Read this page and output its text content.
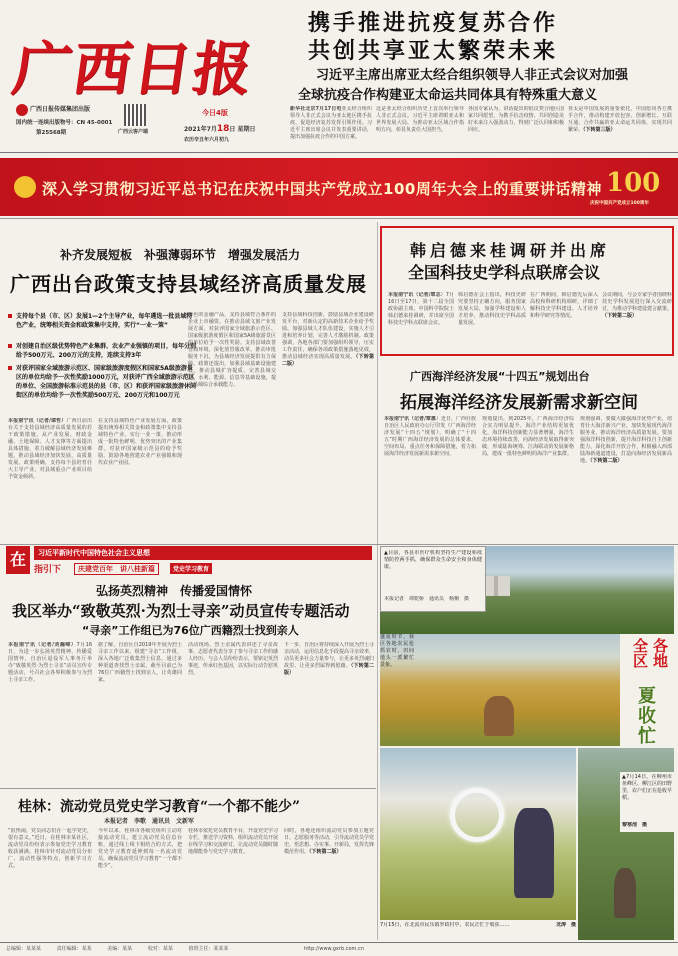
广西日报
广西日报传媒集团出版
国内统一连续出版物号：CN 45-0001
第25568期	广西云客户端
今日4版
2021年7月18日 星期日
农历辛丑年六月初九
携手推进抗疫复苏合作
共创共享亚太繁荣未来
习近平主席出席亚太经合组织领导人非正式会议对加强
全球抗疫合作构建亚太命运共同体具有特殊重大意义
新华社北京7月17日电亚太经合组织领导人非正式会议为亚太地区携手抗疫、促进经济复苏发挥引领作用。习近平主席出席会议并发表重要讲话，提出加强抗疫合作的中国方案。
这是亚太经合组织历史上首次举行领导人非正式会议。习近平主席着眼亚太和世界发展大局，为推动亚太区域合作指明方向，彰显负责任大国担当。
各国专家认为，讲话提出的倡议契合地区国家共同愿望，为携手抗击疫情、共同创造美好未来注入强劲动力，得到广泛认同和积极回应。
亚太是中国发展的重要依托，中国愿同各方携手合作，推动构建开放包容、创新增长、互联互通、合作共赢的亚太命运共同体，实现共同繁荣。（下转第三版）
深入学习贯彻习近平总书记在庆祝中国共产党成立100周年大会上的重要讲话精神 100
庆祝中国共产党成立100周年
补齐发展短板　补强薄弱环节　增强发展活力
广西出台政策支持县域经济高质量发展
支持每个县（市、区）发展1—2个主导产业，每年遴选一批县域特色产业，统筹相关资金和政策集中支持，实行“一业一策”
对创建自治区级优势特色产业集群、农业产业强镇的项目，每年分别给予500万元、200万元的支持，连续支持3年
对获评国家全域旅游示范区、国家级旅游度假区和国家5A级旅游景区的单位均给予一次性奖励1000万元，对获评广西全域旅游示范区的单位、全国旅游标准示范县的县（市、区）和获评国家级旅游休闲街区的单位均给予一次性奖励500万元、200万元和100万元
本报南宁讯（记者/谭哲）广西日前出台关于支持县域经济高质量发展的若干政策措施，从产业发展、财政金融、土地保障、人才支撑等方面提出具体措施，着力破解县域经济发展难题，推动县域经济加快发展、高质量发展。政策明确，支持每个县培育壮大主导产业，对县域重点产业项目给予资金倾斜。
在支持县域特色产业发展方面，政策提出统筹相关资金和政策集中支持县域特色产业，实行一业一策，推动形成一批特色鲜明、优势突出的产业集群。对获评国家级示范县的给予奖励，鼓励各地创建农业产业强镇和现代农业产业园。
特色的金融产品，支持县域符合条件的企业上市融资。在推动县域文旅产业发展方面，对获评国家全域旅游示范区、国家级旅游度假区和国家5A级旅游景区的单位给予一次性奖励。支持县域改善营商环境，深化放管服改革，推动审批服务下沉，为县域经济发展提供有力保障。政策还提出，加强县域基础设施建设，推动县城扩容提质，完善县域交通、水利、能源、信息等基础设施，提升县城综合承载能力。
支持县域科技创新，鼓励县域企业建设研发平台，对新认定的高新技术企业给予奖励。加强县域人才队伍建设，实施人才引进和培养计划，完善人才激励机制。政策强调，各地各部门要加强组织领导，压实工作责任，确保各项政策措施落地见效，推动县域经济实现高质量发展。（下转第二版）
韩启德来桂调研并出席
全国科技史学科点联席会议
本报南宁讯（记者/覃志）7月16日至17日，第十二届全国政协副主席、中国科学院院士韩启德来桂调研，并出席全国科技史学科点联席会议。
韩启德在会上指出，科技史研究要坚持正确方向，服务国家发展大局，加强学科建设和人才培养，推动科技史学科高质量发展。
在广西期间，韩启德先后深入高校和科研机构调研，详细了解科技史学科建设、人才培养和科学研究等情况。
会议期间，与会专家学者围绕科技史学科发展进行深入交流研讨，为推动学科建设建言献策。（下转第二版）
广西海洋经济发展“十四五”规划出台
拓展海洋经济发展新需求新空间
本报南宁讯（记者/覃惠）近日，广西壮族自治区人民政府办公厅印发《广西海洋经济发展“十四五”规划》，明确了“十四五”时期广西海洋经济发展的总体要求、空间布局、重点任务和保障措施，着力拓展海洋经济发展新需求新空间。
规划提出，到2025年，广西海洋经济综合实力明显提升，海洋产业结构更加优化，海洋科技创新能力显著增强，海洋生态环境持续改善，向海经济发展取得新突破，形成陆海统筹、江海联动的发展新格局，建成一批特色鲜明的海洋产业集群。
规划强调，要做大做强海洋优势产业，培育壮大海洋新兴产业，加快发展现代海洋服务业，推动海洋经济高质量发展。要加强海洋科技创新，提升海洋科技自主创新能力，深化海洋开放合作，积极融入西部陆海新通道建设，打造向海经济发展新高地。（下转第二版）
在	习近平新时代中国特色社会主义思想
指引下	庆建党百年　讲八桂新篇	党史学习教育
弘扬英烈精神　传播爱国情怀
我区举办“致敬英烈·为烈士寻亲”动员宣传专题活动
“寻亲”工作组已为76位广西籍烈士找到亲人
本报南宁讯（记者/刘瀚嵘）7月16日，为进一步弘扬英烈精神，传播爱国情怀，自治区退役军人事务厅举办“致敬英烈·为烈士寻亲”动员宣传专题活动，号召社会各界积极参与为烈士寻亲工作。
据了解，自治区自2019年开展为烈士寻亲工作以来，组建“寻亲”工作组，深入各地广泛收集烈士信息，通过多种渠道查找烈士亲属，截至目前已为76位广西籍烈士找到亲人，让英雄回家。
活动现场，烈士亲属代表讲述了寻亲故事，志愿者代表分享了参与寻亲工作的感人经历。与会人员纷纷表示，要铭记英烈事迹，传承红色基因，以实际行动告慰英烈。
下一步，自治区将持续深入开展为烈士寻亲活动，运用信息化手段提高寻亲效率，动员更多社会力量参与，让更多英烈魂归故里、让更多烈属得到慰藉。（下转第二版）
桂林：流动党员党史学习教育“一个都不能少”
本报记者　李歌　通讯员　文新军
“很热闹，党员同志们在一起学党史，很有意义。”近日，在桂林市某社区，流动党员纷纷表示参加党史学习教育收获满满。桂林市针对流动党员分布广、流动性强等特点，创新学习方式。
今年以来，桂林市各级党组织主动对接流动党员，建立流动党员信息台账，通过线上线下相结合的方式，把党史学习教育延伸到每一名流动党员，确保流动党员学习教育“一个都不能少”。
桂林市依托党员教育平台，开设党史学习专栏，推送学习资料，组织流动党员开展在线学习和交流研讨，让流动党员随时随地都能参与党史学习教育。
同时，各地还组织流动党员参加主题党日、志愿服务等活动，引导流动党员学党史、悟思想、办实事、开新局，发挥先锋模范作用。（下转第二版）
▲目前，各县市医疗机构坚持生产建设和疫情防控两手抓，确保群众生命安全和身体健康。
本报记者　谭乾桥　通讯员　杨桐　摄
盛夏时节，我区各地农民抢抓农时，田间地头一派繁忙景象。	全区 各地
夏
收
忙
7月15日，在北流市民乐镇罗政村中，农民正忙于收获……	龙涛　摄
▲7月14日，在柳州市鱼峰区、柳江区的田野里，农户们正在抢收早稻。
黎寒池　摄
总编辑：某某某	责任编辑：某某	美编：某某	校对：某某	值班主任：某某某	http://www.gxrb.com.cn
